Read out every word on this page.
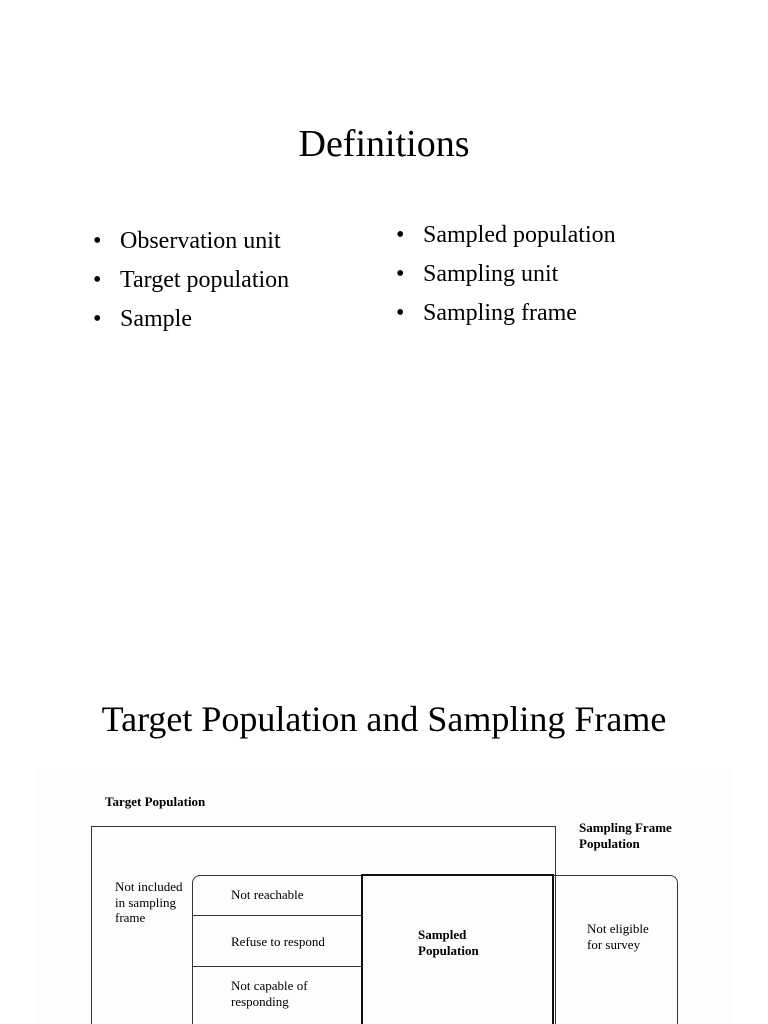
Definitions
• Observation unit
• Target population
• Sample
• Sampled population
• Sampling unit
• Sampling frame
Target Population and Sampling Frame
Target Population
Sampling Frame Population
Not included in sampling frame
Not reachable
Refuse to respond
Not capable of responding
Sampled Population
Not eligible for survey
